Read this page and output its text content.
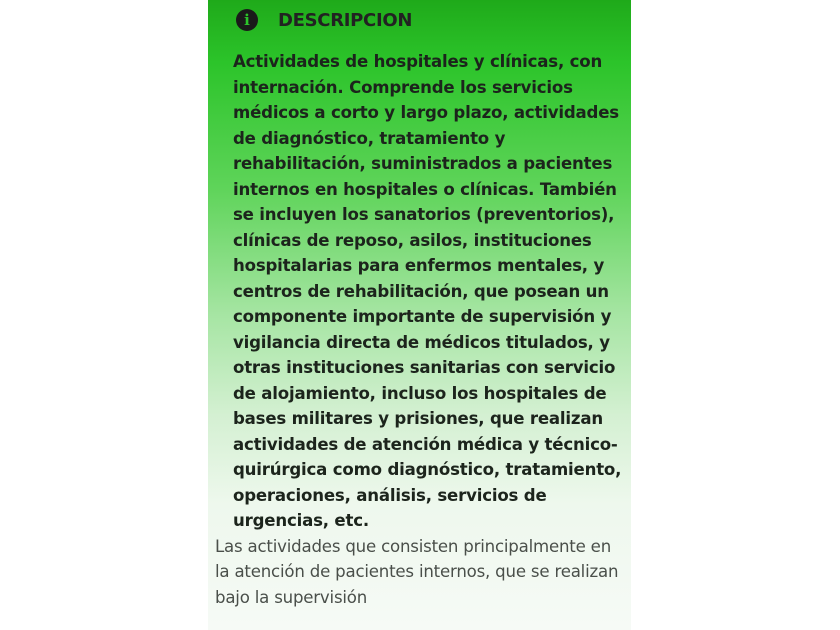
i DESCRIPCION

Actividades de hospitales y clínicas, con internación. Comprende los servicios médicos a corto y largo plazo, actividades de diagnóstico, tratamiento y rehabilitación, suministrados a pacientes internos en hospitales o clínicas. También se incluyen los sanatorios (preventorios), clínicas de reposo, asilos, instituciones hospitalarias para enfermos mentales, y centros de rehabilitación, que posean un componente importante de supervisión y vigilancia directa de médicos titulados, y otras instituciones sanitarias con servicio de alojamiento, incluso los hospitales de bases militares y prisiones, que realizan actividades de atención médica y técnico-quirúrgica como diagnóstico, tratamiento, operaciones, análisis, servicios de urgencias, etc.

Las actividades que consisten principalmente en la atención de pacientes internos, que se realizan bajo la supervisión
